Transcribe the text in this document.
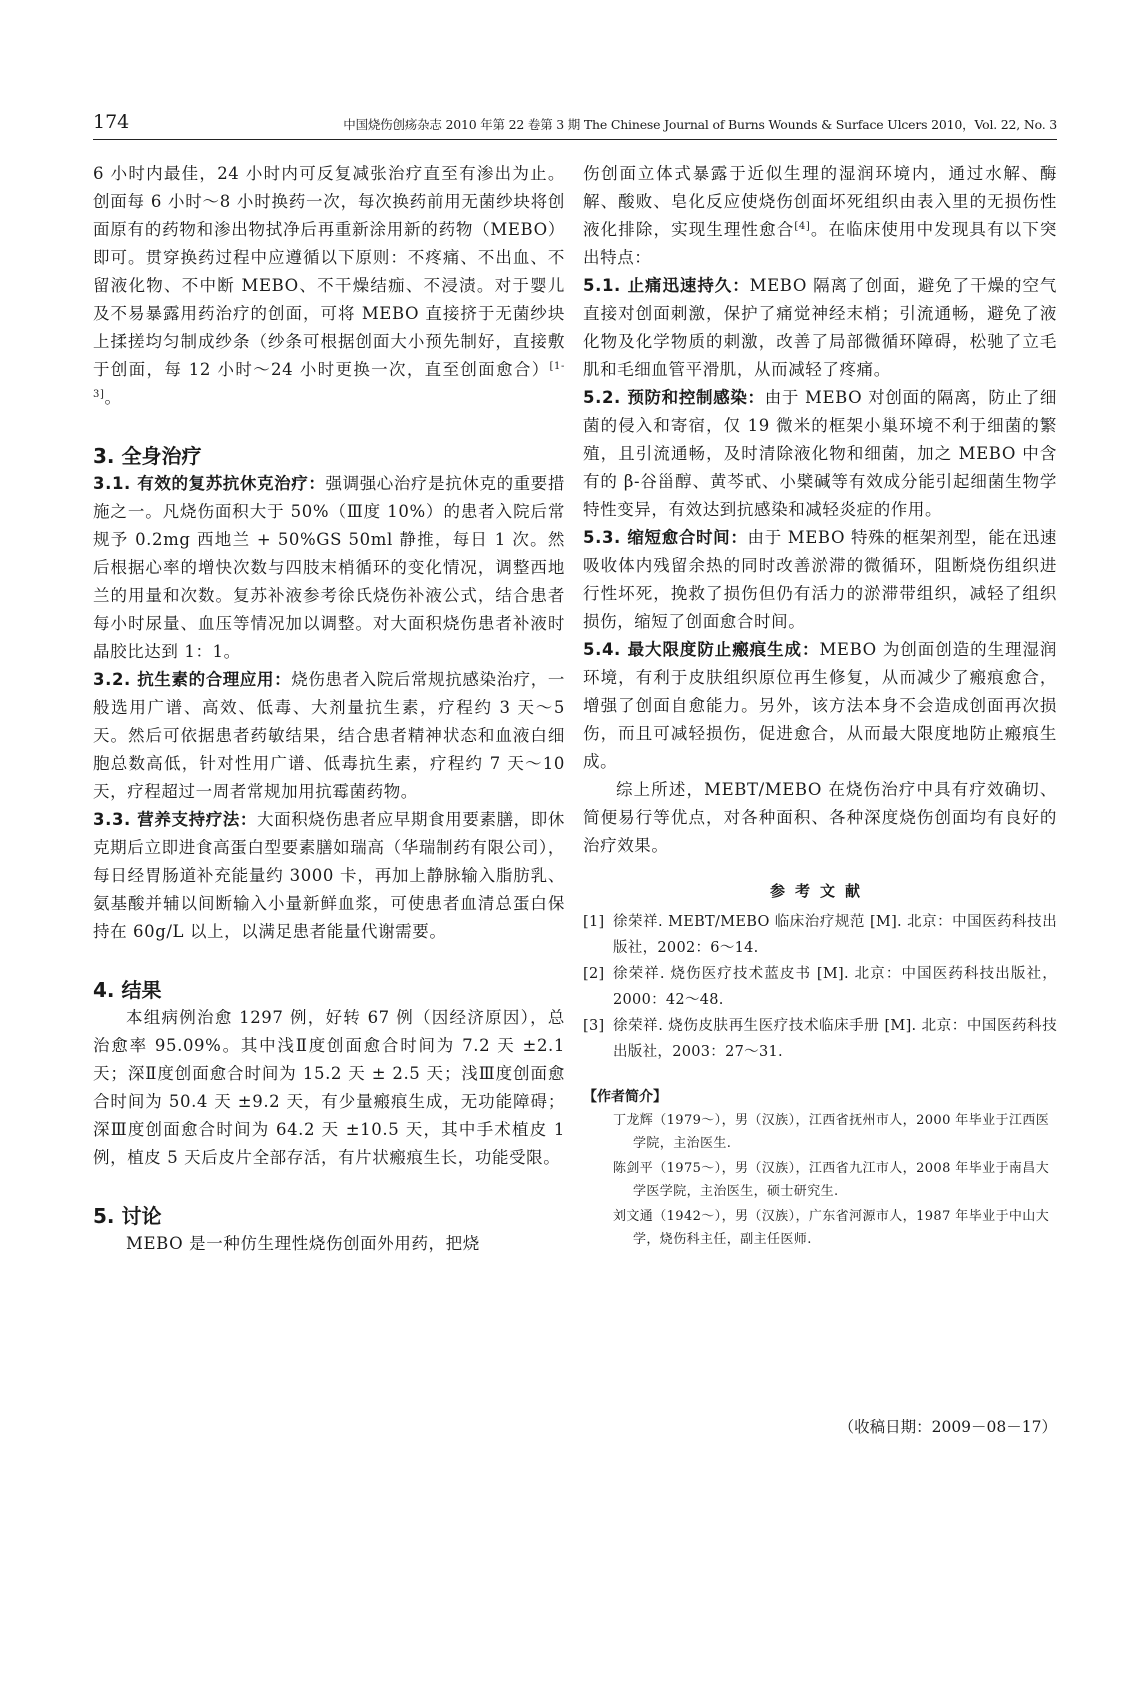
174	中国烧伤创疡杂志 2010 年第 22 卷第 3 期 The Chinese Journal of Burns Wounds & Surface Ulcers 2010，Vol. 22, No. 3

6 小时内最佳，24 小时内可反复减张治疗直至有渗出为止。创面每 6 小时～8 小时换药一次，每次换药前用无菌纱块将创面原有的药物和渗出物拭净后再重新涂用新的药物（MEBO）即可。贯穿换药过程中应遵循以下原则：不疼痛、不出血、不留液化物、不中断 MEBO、不干燥结痂、不浸渍。对于婴儿及不易暴露用药治疗的创面，可将 MEBO 直接挤于无菌纱块上揉搓均匀制成纱条（纱条可根据创面大小预先制好，直接敷于创面，每 12 小时～24 小时更换一次，直至创面愈合）[1-3]。

3. 全身治疗

3.1. 有效的复苏抗休克治疗：强调强心治疗是抗休克的重要措施之一。凡烧伤面积大于 50%（Ⅲ度 10%）的患者入院后常规予 0.2mg 西地兰 + 50%GS 50ml 静推，每日 1 次。然后根据心率的增快次数与四肢末梢循环的变化情况，调整西地兰的用量和次数。复苏补液参考徐氏烧伤补液公式，结合患者每小时尿量、血压等情况加以调整。对大面积烧伤患者补液时晶胶比达到 1：1。

3.2. 抗生素的合理应用：烧伤患者入院后常规抗感染治疗，一般选用广谱、高效、低毒、大剂量抗生素，疗程约 3 天～5 天。然后可依据患者药敏结果，结合患者精神状态和血液白细胞总数高低，针对性用广谱、低毒抗生素，疗程约 7 天～10 天，疗程超过一周者常规加用抗霉菌药物。

3.3. 营养支持疗法：大面积烧伤患者应早期食用要素膳，即休克期后立即进食高蛋白型要素膳如瑞高（华瑞制药有限公司），每日经胃肠道补充能量约 3000 卡，再加上静脉输入脂肪乳、氨基酸并辅以间断输入小量新鲜血浆，可使患者血清总蛋白保持在 60g/L 以上，以满足患者能量代谢需要。

4. 结果

本组病例治愈 1297 例，好转 67 例（因经济原因），总治愈率 95.09%。其中浅Ⅱ度创面愈合时间为 7.2 天 ±2.1 天；深Ⅱ度创面愈合时间为 15.2 天 ± 2.5 天；浅Ⅲ度创面愈合时间为 50.4 天 ±9.2 天，有少量瘢痕生成，无功能障碍；深Ⅲ度创面愈合时间为 64.2 天 ±10.5 天，其中手术植皮 1 例，植皮 5 天后皮片全部存活，有片状瘢痕生长，功能受限。

5. 讨论

MEBO 是一种仿生理性烧伤创面外用药，把烧

伤创面立体式暴露于近似生理的湿润环境内，通过水解、酶解、酸败、皂化反应使烧伤创面坏死组织由表入里的无损伤性液化排除，实现生理性愈合[4]。在临床使用中发现具有以下突出特点：

5.1. 止痛迅速持久：MEBO 隔离了创面，避免了干燥的空气直接对创面刺激，保护了痛觉神经末梢；引流通畅，避免了液化物及化学物质的刺激，改善了局部微循环障碍，松驰了立毛肌和毛细血管平滑肌，从而减轻了疼痛。

5.2. 预防和控制感染：由于 MEBO 对创面的隔离，防止了细菌的侵入和寄宿，仅 19 微米的框架小巢环境不利于细菌的繁殖，且引流通畅，及时清除液化物和细菌，加之 MEBO 中含有的 β-谷甾醇、黄芩甙、小檗碱等有效成分能引起细菌生物学特性变异，有效达到抗感染和减轻炎症的作用。

5.3. 缩短愈合时间：由于 MEBO 特殊的框架剂型，能在迅速吸收体内残留余热的同时改善淤滞的微循环，阻断烧伤组织进行性坏死，挽救了损伤但仍有活力的淤滞带组织，减轻了组织损伤，缩短了创面愈合时间。

5.4. 最大限度防止瘢痕生成：MEBO 为创面创造的生理湿润环境，有利于皮肤组织原位再生修复，从而减少了瘢痕愈合，增强了创面自愈能力。另外，该方法本身不会造成创面再次损伤，而且可减轻损伤，促进愈合，从而最大限度地防止瘢痕生成。

综上所述，MEBT/MEBO 在烧伤治疗中具有疗效确切、简便易行等优点，对各种面积、各种深度烧伤创面均有良好的治疗效果。

参考文献

[1] 徐荣祥. MEBT/MEBO 临床治疗规范 [M]. 北京：中国医药科技出版社，2002：6～14.
[2] 徐荣祥. 烧伤医疗技术蓝皮书 [M]. 北京：中国医药科技出版社，2000：42～48.
[3] 徐荣祥. 烧伤皮肤再生医疗技术临床手册 [M]. 北京：中国医药科技出版社，2003：27～31.

【作者简介】

丁龙辉（1979～），男（汉族），江西省抚州市人，2000 年毕业于江西医学院，主治医生.

陈剑平（1975～），男（汉族），江西省九江市人，2008 年毕业于南昌大学医学院，主治医生，硕士研究生.

刘文通（1942～），男（汉族），广东省河源市人，1987 年毕业于中山大学，烧伤科主任，副主任医师.

（收稿日期：2009－08－17）
